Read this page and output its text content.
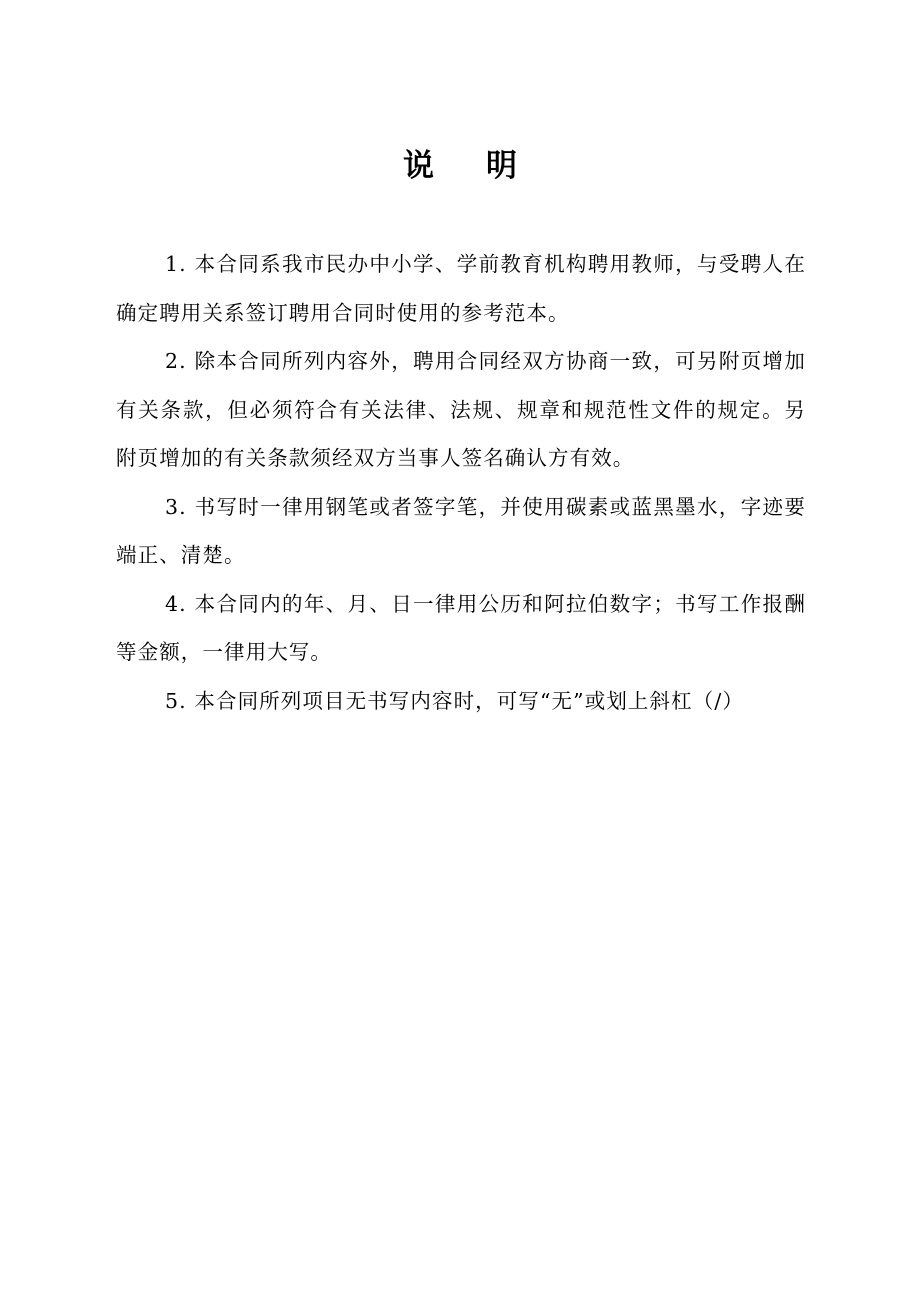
说明

1. 本合同系我市民办中小学、学前教育机构聘用教师，与受聘人在确定聘用关系签订聘用合同时使用的参考范本。

2. 除本合同所列内容外，聘用合同经双方协商一致，可另附页增加有关条款，但必须符合有关法律、法规、规章和规范性文件的规定。另附页增加的有关条款须经双方当事人签名确认方有效。

3. 书写时一律用钢笔或者签字笔，并使用碳素或蓝黑墨水，字迹要端正、清楚。

4. 本合同内的年、月、日一律用公历和阿拉伯数字；书写工作报酬等金额，一律用大写。

5. 本合同所列项目无书写内容时，可写“无”或划上斜杠（/）
